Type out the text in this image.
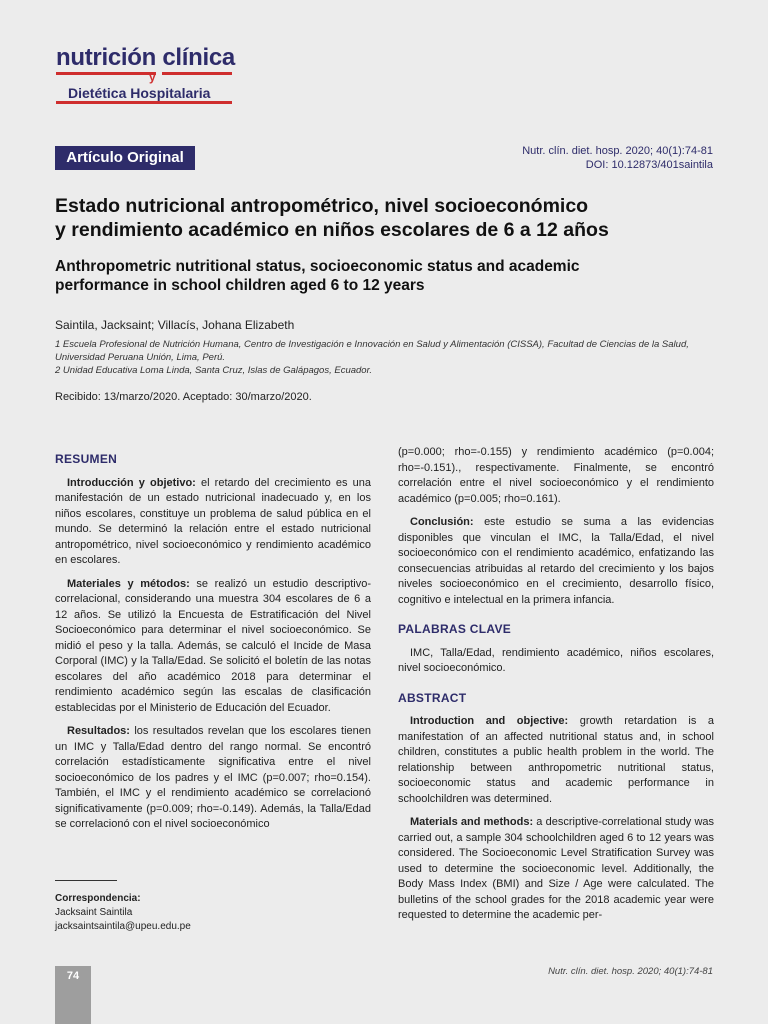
nutrición clínica
y
Dietética Hospitalaria
Artículo Original	Nutr. clín. diet. hosp. 2020; 40(1):74-81
DOI: 10.12873/401saintila
Estado nutricional antropométrico, nivel socioeconómico
y rendimiento académico en niños escolares de 6 a 12 años
Anthropometric nutritional status, socioeconomic status and academic
performance in school children aged 6 to 12 years
Saintila, Jacksaint; Villacís, Johana Elizabeth
1 Escuela Profesional de Nutrición Humana, Centro de Investigación e Innovación en Salud y Alimentación (CISSA), Facultad de Ciencias de la Salud, Universidad Peruana Unión, Lima, Perú.
2 Unidad Educativa Loma Linda, Santa Cruz, Islas de Galápagos, Ecuador.
Recibido: 13/marzo/2020. Aceptado: 30/marzo/2020.
RESUMEN

Introducción y objetivo: el retardo del crecimiento es una manifestación de un estado nutricional inadecuado y, en los niños escolares, constituye un problema de salud pública en el mundo. Se determinó la relación entre el estado nutricional antropométrico, nivel socioeconómico y rendimiento académico en escolares.

Materiales y métodos: se realizó un estudio descriptivo-correlacional, considerando una muestra 304 escolares de 6 a 12 años. Se utilizó la Encuesta de Estratificación del Nivel Socioeconómico para determinar el nivel socioeconómico. Se midió el peso y la talla. Además, se calculó el Incide de Masa Corporal (IMC) y la Talla/Edad. Se solicitó el boletín de las notas escolares del año académico 2018 para determinar el rendimiento académico según las escalas de clasificación establecidas por el Ministerio de Educación del Ecuador.

Resultados: los resultados revelan que los escolares tienen un IMC y Talla/Edad dentro del rango normal. Se encontró correlación estadísticamente significativa entre el nivel socioeconómico de los padres y el IMC (p=0.007; rho=0.154). También, el IMC y el rendimiento académico se correlacionó significativamente (p=0.009; rho=-0.149). Además, la Talla/Edad se correlacionó con el nivel socioeconómico

(p=0.000; rho=-0.155) y rendimiento académico (p=0.004; rho=-0.151)., respectivamente. Finalmente, se encontró correlación entre el nivel socioeconómico y el rendimiento académico (p=0.005; rho=0.161).

Conclusión: este estudio se suma a las evidencias disponibles que vinculan el IMC, la Talla/Edad, el nivel socioeconómico con el rendimiento académico, enfatizando las consecuencias atribuidas al retardo del crecimiento y los bajos niveles socioeconómico en el crecimiento, desarrollo físico, cognitivo e intelectual en la primera infancia.

PALABRAS CLAVE

IMC, Talla/Edad, rendimiento académico, niños escolares, nivel socioeconómico.

ABSTRACT

Introduction and objective: growth retardation is a manifestation of an affected nutritional status and, in school children, constitutes a public health problem in the world. The relationship between anthropometric nutritional status, socioeconomic status and academic performance in schoolchildren was determined.

Materials and methods: a descriptive-correlational study was carried out, a sample 304 schoolchildren aged 6 to 12 years was considered. The Socioeconomic Level Stratification Survey was used to determine the socioeconomic level. Additionally, the Body Mass Index (BMI) and Size / Age were calculated. The bulletins of the school grades for the 2018 academic year were requested to determine the academic per-

Correspondencia:
Jacksaint Saintila
jacksaintsaintila@upeu.edu.pe
74	Nutr. clín. diet. hosp. 2020; 40(1):74-81
